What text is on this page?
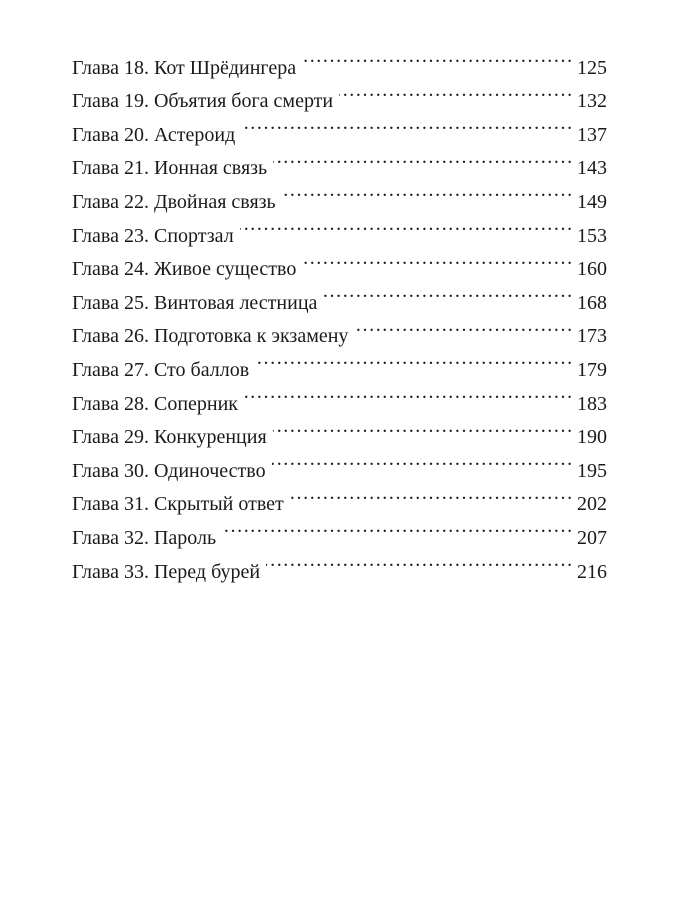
Глава 18. Кот Шрёдингера . . .	125
Глава 19. Объятия бога смерти . . .	132
Глава 20. Астероид . . .	137
Глава 21. Ионная связь . . .	143
Глава 22. Двойная связь . . .	149
Глава 23. Спортзал . . .	153
Глава 24. Живое существо . . .	160
Глава 25. Винтовая лестница . . .	168
Глава 26. Подготовка к экзамену . . .	173
Глава 27. Сто баллов . . .	179
Глава 28. Соперник . . .	183
Глава 29. Конкуренция . . .	190
Глава 30. Одиночество . . .	195
Глава 31. Скрытый ответ . . .	202
Глава 32. Пароль . . .	207
Глава 33. Перед бурей . . .	216
